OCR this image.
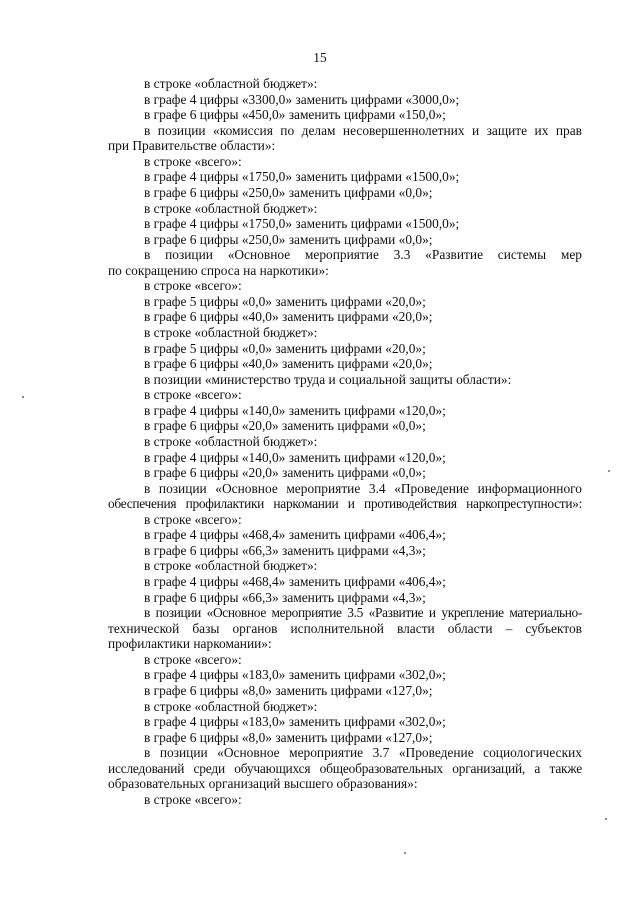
15

в строке «областной бюджет»:

в графе 4 цифры «3300,0» заменить цифрами «3000,0»;

в графе 6 цифры «450,0» заменить цифрами «150,0»;

в позиции «комиссия по делам несовершеннолетних и защите их прав

при Правительстве области»:

в строке «всего»:

в графе 4 цифры «1750,0» заменить цифрами «1500,0»;

в графе 6 цифры «250,0» заменить цифрами «0,0»;

в строке «областной бюджет»:

в графе 4 цифры «1750,0» заменить цифрами «1500,0»;

в графе 6 цифры «250,0» заменить цифрами «0,0»;

в позиции «Основное мероприятие 3.3 «Развитие системы мер

по сокращению спроса на наркотики»:

в строке «всего»:

в графе 5 цифры «0,0» заменить цифрами «20,0»;

в графе 6 цифры «40,0» заменить цифрами «20,0»;

в строке «областной бюджет»:

в графе 5 цифры «0,0» заменить цифрами «20,0»;

в графе 6 цифры «40,0» заменить цифрами «20,0»;

в позиции «министерство труда и социальной защиты области»:

в строке «всего»:

в графе 4 цифры «140,0» заменить цифрами «120,0»;

в графе 6 цифры «20,0» заменить цифрами «0,0»;

в строке «областной бюджет»:

в графе 4 цифры «140,0» заменить цифрами «120,0»;

в графе 6 цифры «20,0» заменить цифрами «0,0»;

в позиции «Основное мероприятие 3.4 «Проведение информационного

обеспечения профилактики наркомании и противодействия наркопреступности»:

в строке «всего»:

в графе 4 цифры «468,4» заменить цифрами «406,4»;

в графе 6 цифры «66,3» заменить цифрами «4,3»;

в строке «областной бюджет»:

в графе 4 цифры «468,4» заменить цифрами «406,4»;

в графе 6 цифры «66,3» заменить цифрами «4,3»;

в позиции «Основное мероприятие 3.5 «Развитие и укрепление материально-

технической базы органов исполнительной власти области – субъектов

профилактики наркомании»:

в строке «всего»:

в графе 4 цифры «183,0» заменить цифрами «302,0»;

в графе 6 цифры «8,0» заменить цифрами «127,0»;

в строке «областной бюджет»:

в графе 4 цифры «183,0» заменить цифрами «302,0»;

в графе 6 цифры «8,0» заменить цифрами «127,0»;

в позиции «Основное мероприятие 3.7 «Проведение социологических

исследований среди обучающихся общеобразовательных организаций, а также

образовательных организаций высшего образования»:

в строке «всего»:
